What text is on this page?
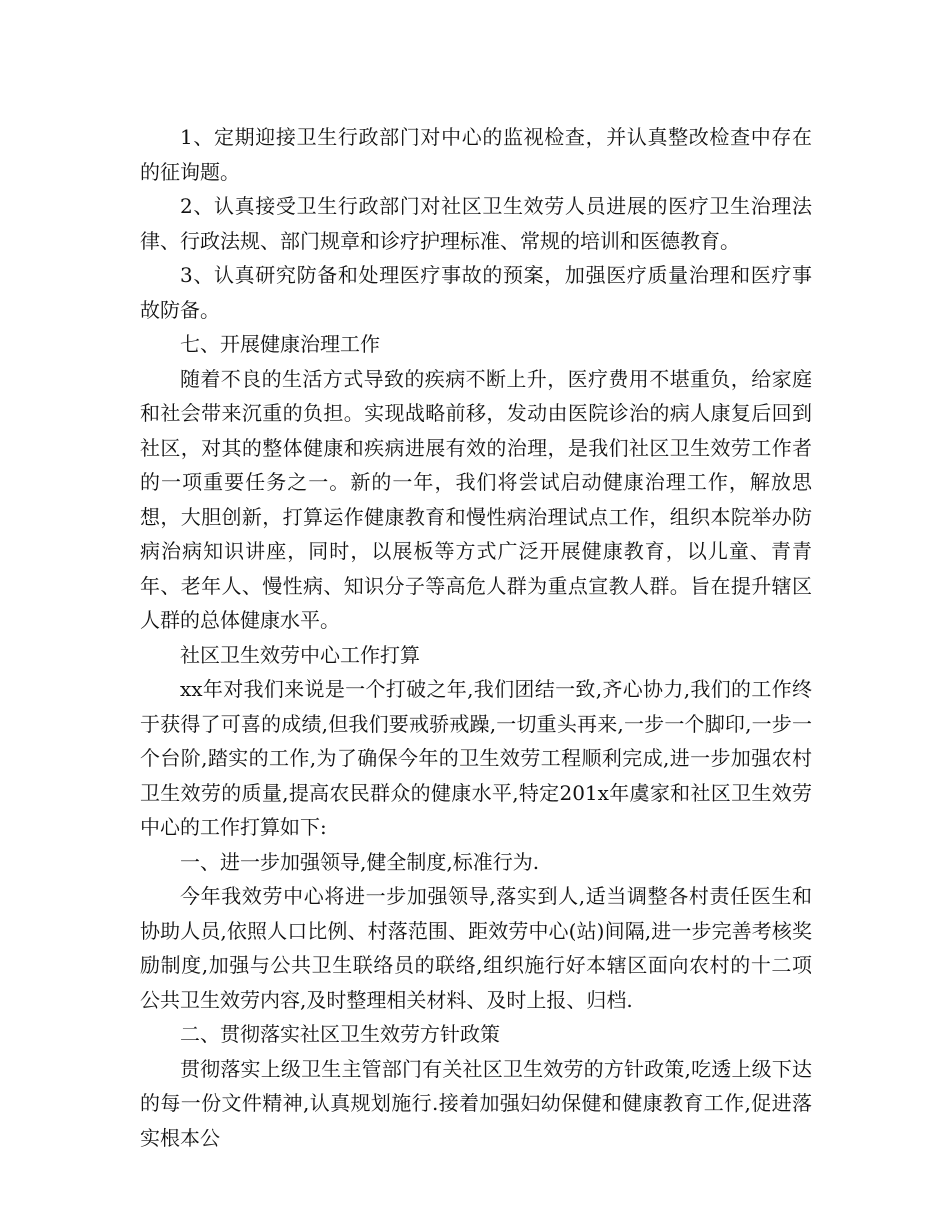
1、定期迎接卫生行政部门对中心的监视检查，并认真整改检查中存在的征询题。

2、认真接受卫生行政部门对社区卫生效劳人员进展的医疗卫生治理法律、行政法规、部门规章和诊疗护理标准、常规的培训和医德教育。

3、认真研究防备和处理医疗事故的预案，加强医疗质量治理和医疗事故防备。

七、开展健康治理工作

随着不良的生活方式导致的疾病不断上升，医疗费用不堪重负，给家庭和社会带来沉重的负担。实现战略前移，发动由医院诊治的病人康复后回到社区，对其的整体健康和疾病进展有效的治理，是我们社区卫生效劳工作者的一项重要任务之一。新的一年，我们将尝试启动健康治理工作，解放思想，大胆创新，打算运作健康教育和慢性病治理试点工作，组织本院举办防病治病知识讲座，同时，以展板等方式广泛开展健康教育，以儿童、青青年、老年人、慢性病、知识分子等高危人群为重点宣教人群。旨在提升辖区人群的总体健康水平。

社区卫生效劳中心工作打算

xx年对我们来说是一个打破之年,我们团结一致,齐心协力,我们的工作终于获得了可喜的成绩,但我们要戒骄戒躁,一切重头再来,一步一个脚印,一步一个台阶,踏实的工作,为了确保今年的卫生效劳工程顺利完成,进一步加强农村卫生效劳的质量,提高农民群众的健康水平,特定201x年虞家和社区卫生效劳中心的工作打算如下:

一、进一步加强领导,健全制度,标准行为.

今年我效劳中心将进一步加强领导,落实到人,适当调整各村责任医生和协助人员,依照人口比例、村落范围、距效劳中心(站)间隔,进一步完善考核奖励制度,加强与公共卫生联络员的联络,组织施行好本辖区面向农村的十二项公共卫生效劳内容,及时整理相关材料、及时上报、归档.

二、贯彻落实社区卫生效劳方针政策

贯彻落实上级卫生主管部门有关社区卫生效劳的方针政策,吃透上级下达的每一份文件精神,认真规划施行.接着加强妇幼保健和健康教育工作,促进落实根本公
